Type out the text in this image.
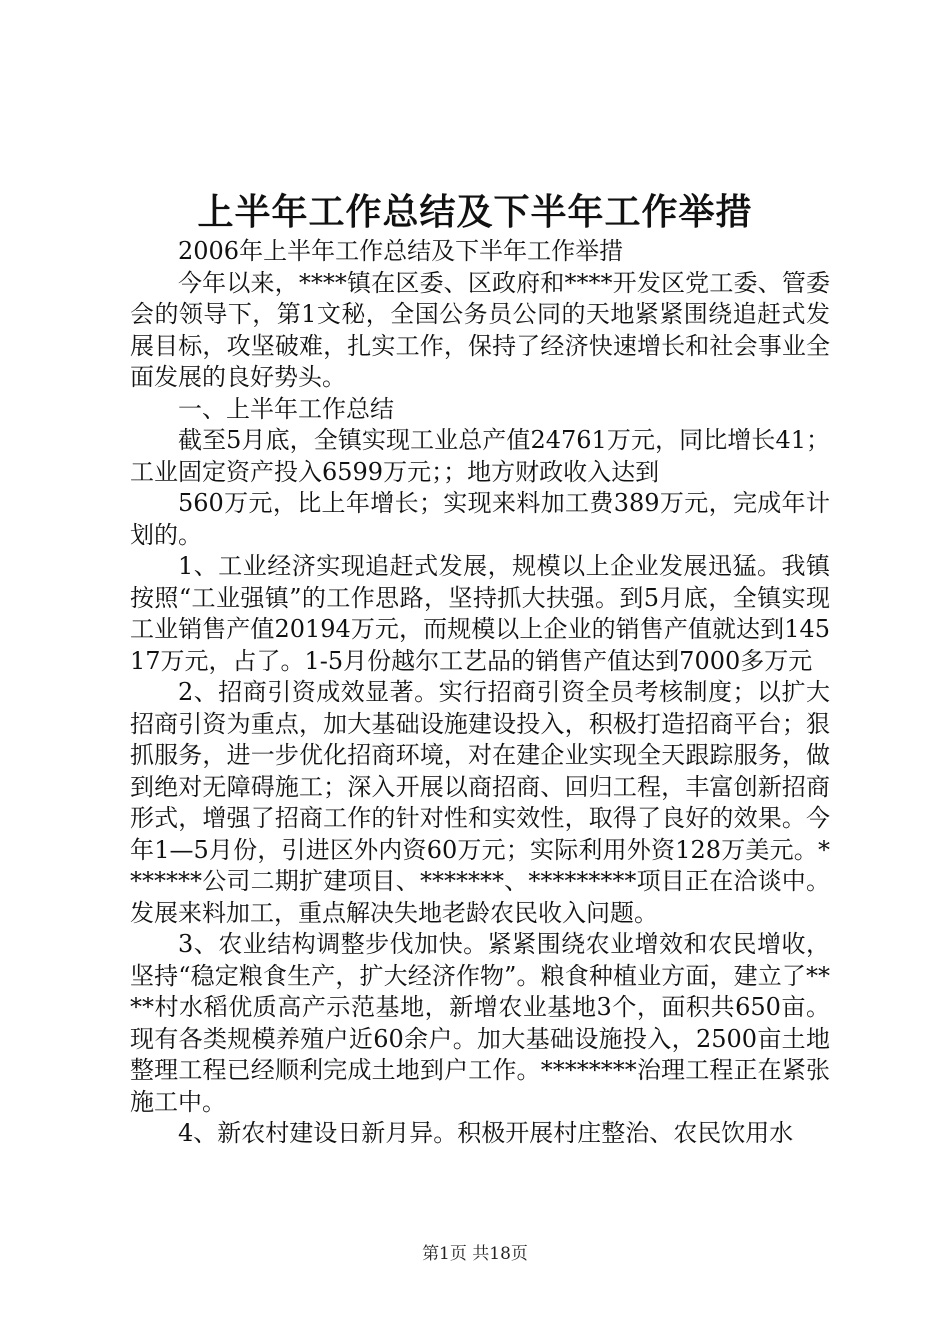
上半年工作总结及下半年工作举措

2006年上半年工作总结及下半年工作举措

今年以来，****镇在区委、区政府和****开发区党工委、管委会的领导下，第1文秘，全国公务员公同的天地紧紧围绕追赶式发展目标，攻坚破难，扎实工作，保持了经济快速增长和社会事业全面发展的良好势头。

一、上半年工作总结

截至5月底，全镇实现工业总产值24761万元，同比增长41；工业固定资产投入6599万元；；地方财政收入达到

560万元，比上年增长；实现来料加工费389万元，完成年计划的。

1、工业经济实现追赶式发展，规模以上企业发展迅猛。我镇按照“工业强镇”的工作思路，坚持抓大扶强。到5月底，全镇实现工业销售产值20194万元，而规模以上企业的销售产值就达到14517万元，占了。1-5月份越尔工艺品的销售产值达到7000多万元

2、招商引资成效显著。实行招商引资全员考核制度；以扩大招商引资为重点，加大基础设施建设投入，积极打造招商平台；狠抓服务，进一步优化招商环境，对在建企业实现全天跟踪服务，做到绝对无障碍施工；深入开展以商招商、回归工程，丰富创新招商形式，增强了招商工作的针对性和实效性，取得了良好的效果。今年1—5月份，引进区外内资60万元；实际利用外资128万美元。*******公司二期扩建项目、*******、*********项目正在洽谈中。发展来料加工，重点解决失地老龄农民收入问题。

3、农业结构调整步伐加快。紧紧围绕农业增效和农民增收，坚持“稳定粮食生产，扩大经济作物”。粮食种植业方面，建立了****村水稻优质高产示范基地，新增农业基地3个，面积共650亩。现有各类规模养殖户近60余户。加大基础设施投入，2500亩土地整理工程已经顺利完成土地到户工作。********治理工程正在紧张施工中。

4、新农村建设日新月异。积极开展村庄整治、农民饮用水

第1页 共18页
